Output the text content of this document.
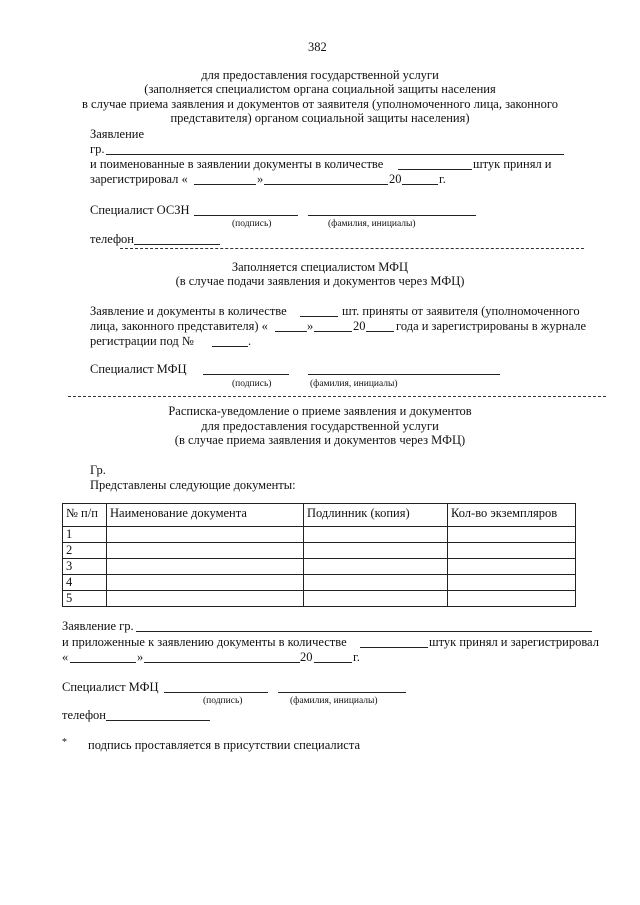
382
для предоставления государственной услуги
(заполняется специалистом органа социальной защиты населения
в случае приема заявления и документов от заявителя (уполномоченного лица, законного
представителя) органом социальной защиты населения)
Заявление
гр.
и поименованные в заявлении документы в количестве	штук принял и
зарегистрировал «	»	20	г.
Специалист ОСЗН
(подпись)	(фамилия, инициалы)
телефон
Заполняется специалистом МФЦ
(в случае подачи заявления и документов через МФЦ)
Заявление и документы в количестве	шт. приняты от заявителя (уполномоченного
лица, законного представителя) «	»	20 года и зарегистрированы в журнале
регистрации под №	.
Специалист МФЦ
(подпись)	(фамилия, инициалы)
Расписка-уведомление о приеме заявления и документов
для предоставления государственной услуги
(в случае приема заявления и документов через МФЦ)
Гр.
Представлены следующие документы:
№ п/п	Наименование документа	Подлинник (копия)	Кол-во экземпляров
1			
2			
3			
4			
5			
Заявление гр.
и приложенные к заявлению документы в количестве	штук принял и зарегистрировал
«	»	20	г.
Специалист МФЦ
(подпись)	(фамилия, инициалы)
телефон
* подпись проставляется в присутствии специалиста
